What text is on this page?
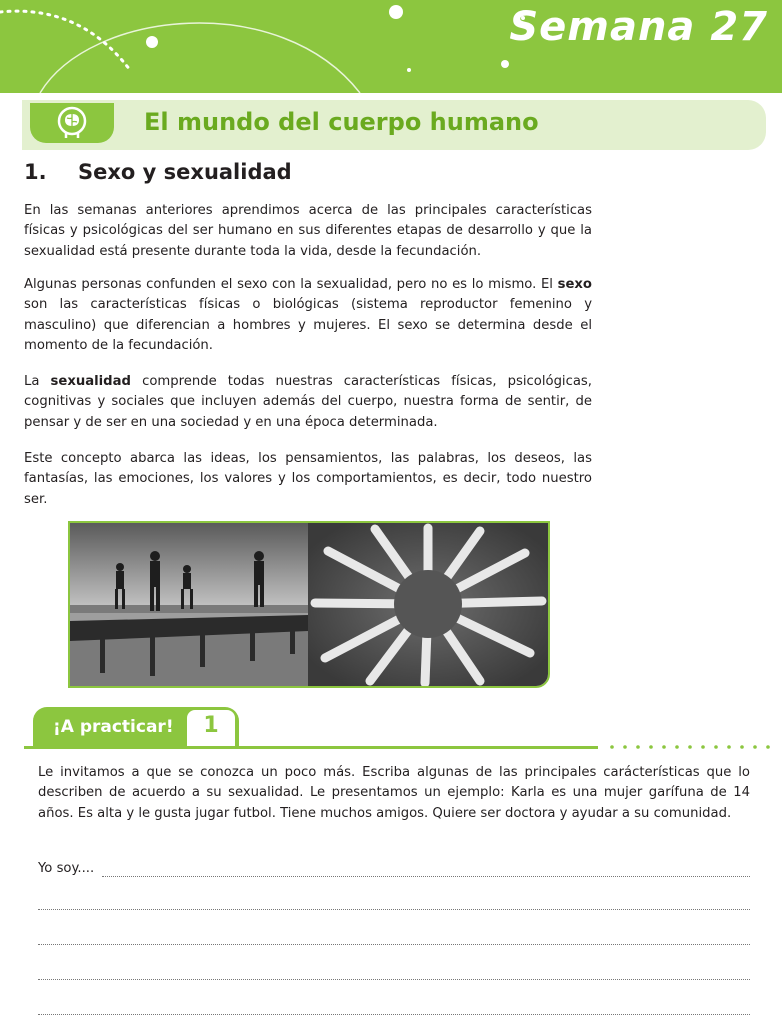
Semana 27
El mundo del cuerpo humano
1. Sexo y sexualidad

En las semanas anteriores aprendimos acerca de las principales características físicas y psicológicas del ser humano en sus diferentes etapas de desarrollo y que la sexualidad está presente durante toda la vida, desde la fecundación.

Algunas personas confunden el sexo con la sexualidad, pero no es lo mismo. El sexo son las características físicas o biológicas (sistema reproductor femenino y masculino) que diferencian a hombres y mujeres. El sexo se determina desde el momento de la fecundación.

La sexualidad comprende todas nuestras características físicas, psicológicas, cognitivas y sociales que incluyen además del cuerpo, nuestra forma de sentir, de pensar y de ser en una sociedad y en una época determinada.

Este concepto abarca las ideas, los pensamientos, las palabras, los deseos, las fantasías, las emociones, los valores y los comportamientos, es decir, todo nuestro ser.

¡A practicar!	1

Le invitamos a que se conozca un poco más. Escriba algunas de las principales carácterísticas que lo describen de acuerdo a su sexualidad. Le presentamos un ejemplo: Karla es una mujer garífuna de 14 años. Es alta y le gusta jugar futbol. Tiene muchos amigos. Quiere ser doctora y ayudar a su comunidad.

Yo soy....
